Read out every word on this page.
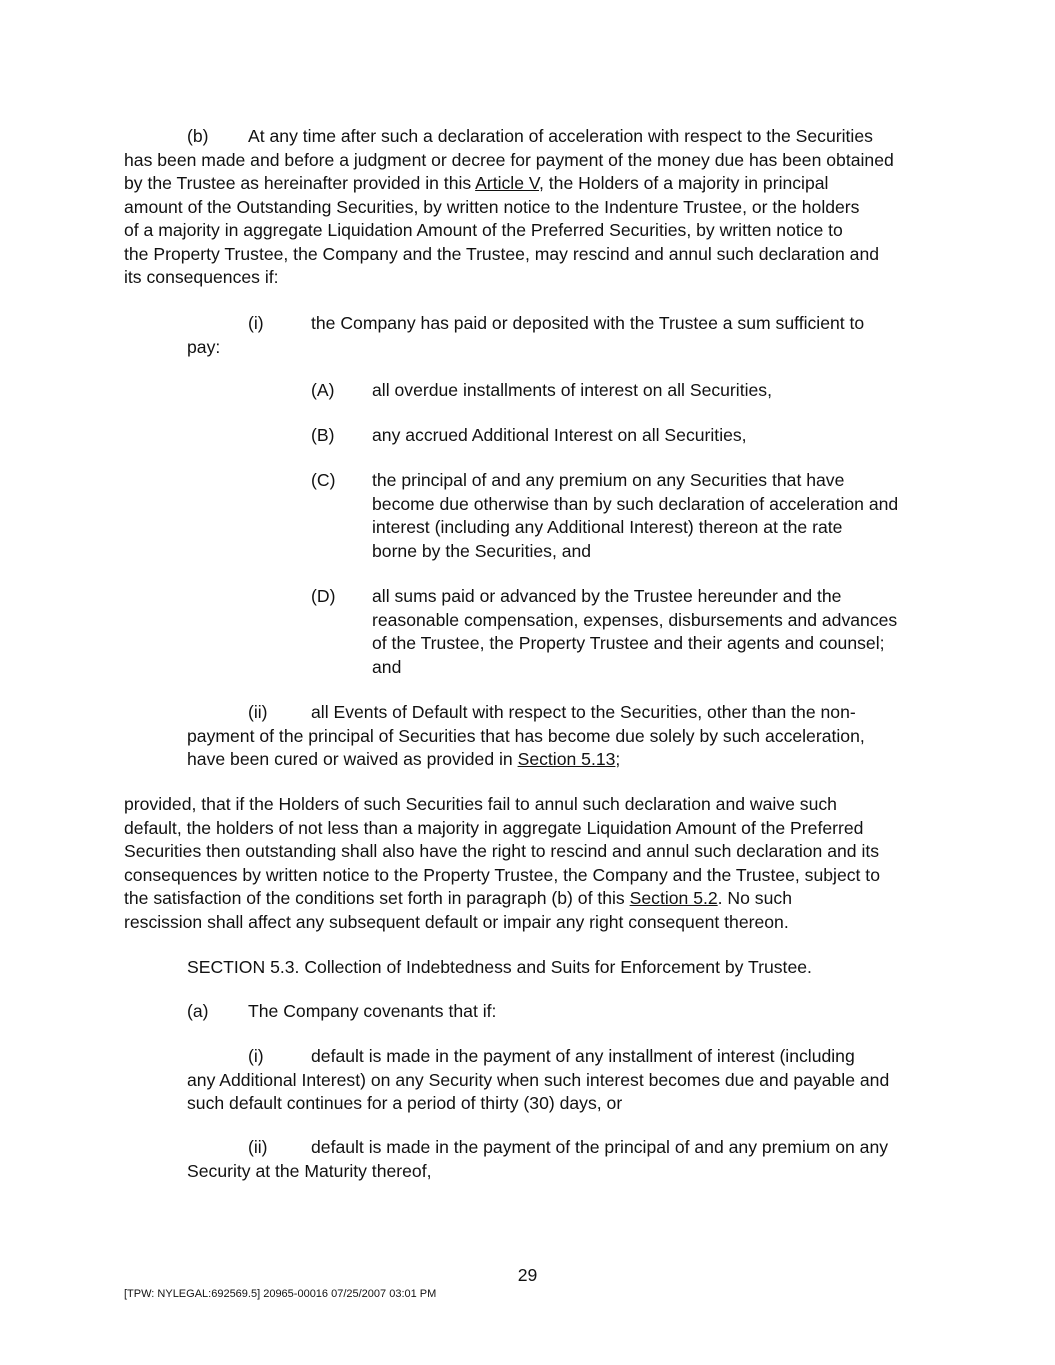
(b) At any time after such a declaration of acceleration with respect to the Securities
has been made and before a judgment or decree for payment of the money due has been obtained
by the Trustee as hereinafter provided in this Article V, the Holders of a majority in principal
amount of the Outstanding Securities, by written notice to the Indenture Trustee, or the holders
of a majority in aggregate Liquidation Amount of the Preferred Securities, by written notice to
the Property Trustee, the Company and the Trustee, may rescind and annul such declaration and
its consequences if:
(i)	the Company has paid or deposited with the Trustee a sum sufficient to
pay:
(A) all overdue installments of interest on all Securities,
(B) any accrued Additional Interest on all Securities,
(C) the principal of and any premium on any Securities that have
become due otherwise than by such declaration of acceleration and
interest (including any Additional Interest) thereon at the rate
borne by the Securities, and
(D) all sums paid or advanced by the Trustee hereunder and the
reasonable compensation, expenses, disbursements and advances
of the Trustee, the Property Trustee and their agents and counsel;
and
(ii) all Events of Default with respect to the Securities, other than the non-
payment of the principal of Securities that has become due solely by such acceleration,
have been cured or waived as provided in Section 5.13;
provided, that if the Holders of such Securities fail to annul such declaration and waive such
default, the holders of not less than a majority in aggregate Liquidation Amount of the Preferred
Securities then outstanding shall also have the right to rescind and annul such declaration and its
consequences by written notice to the Property Trustee, the Company and the Trustee, subject to
the satisfaction of the conditions set forth in paragraph (b) of this Section 5.2. No such
rescission shall affect any subsequent default or impair any right consequent thereon.
SECTION 5.3. Collection of Indebtedness and Suits for Enforcement by Trustee.
(a) The Company covenants that if:
(i)	default is made in the payment of any installment of interest (including
any Additional Interest) on any Security when such interest becomes due and payable and
such default continues for a period of thirty (30) days, or
(ii) default is made in the payment of the principal of and any premium on any
Security at the Maturity thereof,
29
[TPW: NYLEGAL:692569.5] 20965-00016 07/25/2007 03:01 PM
